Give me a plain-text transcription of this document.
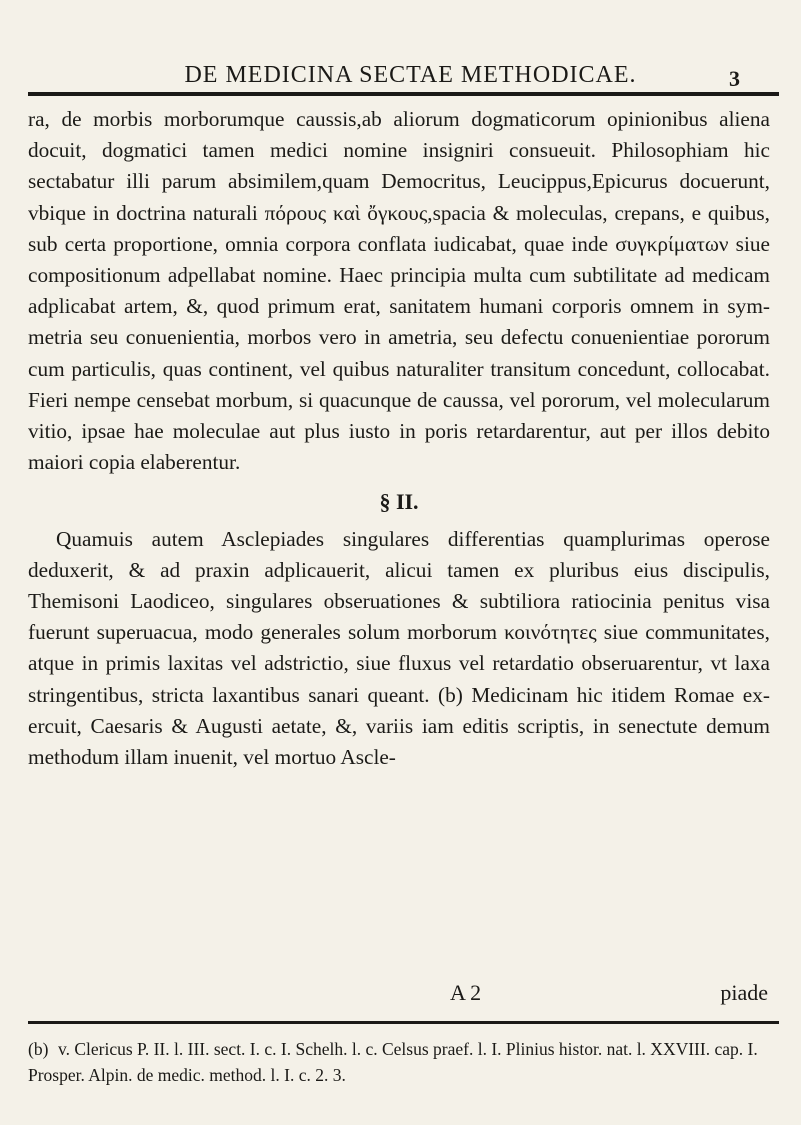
DE MEDICINA SECTAE METHODICAE.	3

ra, de morbis morborumque caussis,ab aliorum dogmaticorum opinionibus aliena docuit, dogmatici tamen medici nomine insigniri consueuit. Philosophiam hic sectabatur illi parum absimilem,quam Democritus, Leucippus,Epicurus docuerunt, vbique in doctrina naturali πόρους καὶ ὄγκους,spacia & moleculas, crepans, e quibus, sub certa proportione, omnia corpora conflata iudicabat, quae inde συγκρίματων siue compositionum adpellabat nomine. Haec principia multa cum subtilitate ad medicam adplicabat artem, &, quod primum erat, sanitatem humani corporis omnem in symmetria seu conuenientia, morbos vero in ametria, seu defectu conuenientiae pororum cum particulis, quas continent, vel quibus naturaliter transitum concedunt, collocabat. Fieri nempe censebat morbum, si quacunque de caussa, vel pororum, vel molecularum vitio, ipsae hae moleculae aut plus iusto in poris retardarentur, aut per illos debito maiori copia elaberentur.

§ II.

Quamuis autem Asclepiades singulares differentias quamplurimas operose deduxerit, & ad praxin adplicauerit, alicui tamen ex pluribus eius discipulis, Themisoni Laodiceo, singulares obseruationes & subtiliora ratiocinia penitus visa fuerunt superuacua, modo generales solum morborum κοινότητες siue communitates, atque in primis laxitas vel adstrictio, siue fluxus vel retardatio obseruarentur, vt laxa stringentibus, stricta laxantibus sanari queant. (b) Medicinam hic itidem Romae exercuit, Caesaris & Augusti aetate, &, variis iam editis scriptis, in senectute demum methodum illam inuenit, vel mortuo Ascle-

A 2	piade
(b) v. Clericus P. II. l. III. sect. I. c. I. Schelh. l. c. Celsus praef. l. I. Plinius histor. nat. l. XXVIII. cap. I. Prosper. Alpin. de medic. method. l. I. c. 2. 3.
